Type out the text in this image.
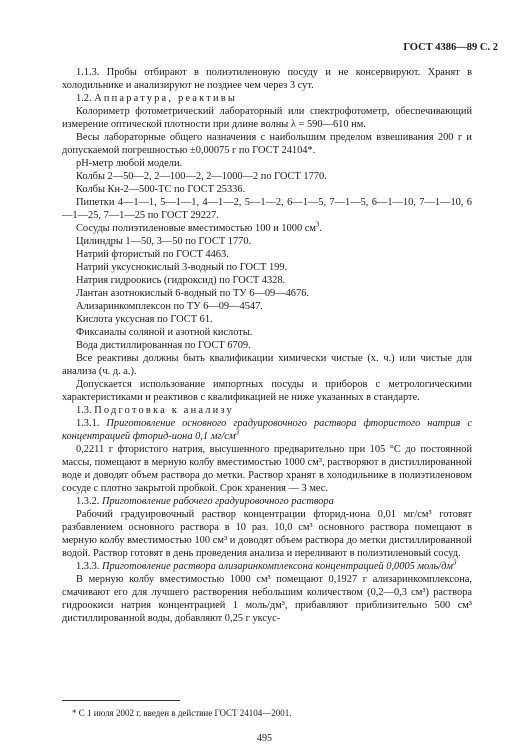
ГОСТ 4386—89 С. 2

1.1.3. Пробы отбирают в полиэтиленовую посуду и не консервируют. Хранят в холодильнике и анализируют не позднее чем через 3 сут.

1.2. Аппаратура, реактивы

Колориметр фотометрический лабораторный или спектрофотометр, обеспечивающий измерение оптической плотности при длине волны λ = 590—610 нм.

Весы лабораторные общего назначения с наибольшим пределом взвешивания 200 г и допускаемой погрешностью ±0,00075 г по ГОСТ 24104*.

рН-метр любой модели.

Колбы 2—50—2, 2—100—2, 2—1000—2 по ГОСТ 1770.

Колбы Кн-2—500-ТС по ГОСТ 25336.

Пипетки 4—1—1, 5—1—1, 4—1—2, 5—1—2, 6—1—5, 7—1—5, 6—1—10, 7—1—10, 6—1—25, 7—1—25 по ГОСТ 29227.

Сосуды полиэтиленовые вместимостью 100 и 1000 $см^3$.

Цилиндры 1—50, 3—50 по ГОСТ 1770.

Натрий фтористый по ГОСТ 4463.

Натрий уксуснокислый 3-водный по ГОСТ 199.

Натрия гидроокись (гидроксид) по ГОСТ 4328.

Лантан азотнокислый 6-водный по ТУ 6—09—4676.

Ализаринкомплексон по ТУ 6—09—4547.

Кислота уксусная по ГОСТ 61.

Фиксаналы соляной и азотной кислоты.

Вода дистиллированная по ГОСТ 6709.

Все реактивы должны быть квалификации химически чистые (х. ч.) или чистые для анализа (ч. д. а.).

Допускается использование импортных посуды и приборов с метрологическими характеристиками и реактивов с квалификацией не ниже указанных в стандарте.

1.3. Подготовка к анализу

1.3.1. Приготовление основного градуировочного раствора фтористого натрия с концентрацией фторид-иона 0,1 $мг/см^3$

0,2211 г фтористого натрия, высушенного предварительно при 105 °С до постоянной массы, помещают в мерную колбу вместимостью 1000 см³, растворяют в дистиллированной воде и доводят объем раствора до метки. Раствор хранят в холодильнике в полиэтиленовом сосуде с плотно закрытой пробкой. Срок хранения — 3 мес.

1.3.2. Приготовление рабочего градуировочного раствора

Рабочий градуировочный раствор концентрации фторид-иона 0,01 мг/см³ готовят разбавлением основного раствора в 10 раз. 10,0 см³ основного раствора помещают в мерную колбу вместимостью 100 см³ и доводят объем раствора до метки дистиллированной водой. Раствор готовят в день проведения анализа и переливают в полиэтиленовый сосуд.

1.3.3. Приготовление раствора ализаринкомплексона концентрацией 0,0005 моль/$дм^3$

В мерную колбу вместимостью 1000 см³ помещают 0,1927 г ализаринкомплексона, смачивают его для лучшего растворения небольшим количеством (0,2—0,3 см³) раствора гидроокиси натрия концентрацией 1 моль/дм³, прибавляют приблизительно 500 см³ дистиллированной воды, добавляют 0,25 г уксус-

* С 1 июля 2002 г. введен в действие ГОСТ 24104—2001.
495
